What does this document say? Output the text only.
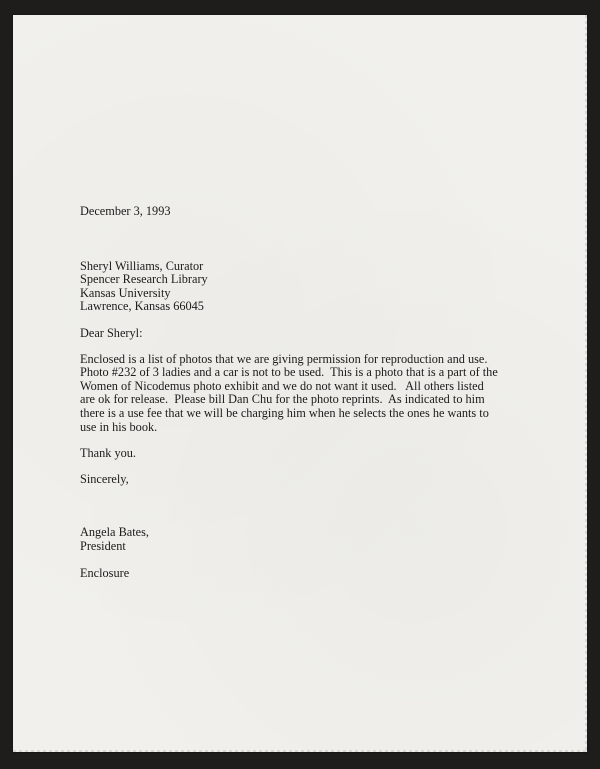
December 3, 1993

Sheryl Williams, Curator

Spencer Research Library

Kansas University

Lawrence, Kansas 66045

Dear Sheryl:

Enclosed is a list of photos that we are giving permission for reproduction and use.

Photo #232 of 3 ladies and a car is not to be used.  This is a photo that is a part of the

Women of Nicodemus photo exhibit and we do not want it used.   All others listed

are ok for release.  Please bill Dan Chu for the photo reprints.  As indicated to him

there is a use fee that we will be charging him when he selects the ones he wants to

use in his book.

Thank you.

Sincerely,

Angela Bates,

President

Enclosure
